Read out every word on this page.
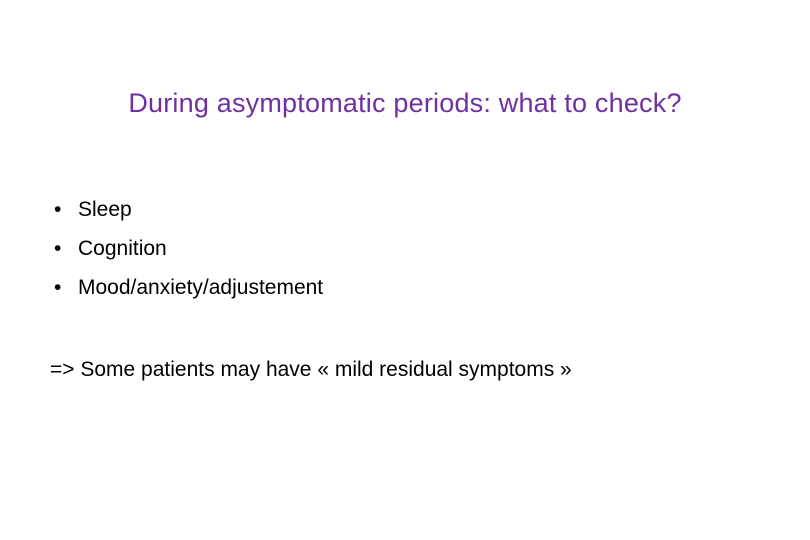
During asymptomatic periods: what to check?
• Sleep
• Cognition
• Mood/anxiety/adjustement
=> Some patients may have « mild residual symptoms »
